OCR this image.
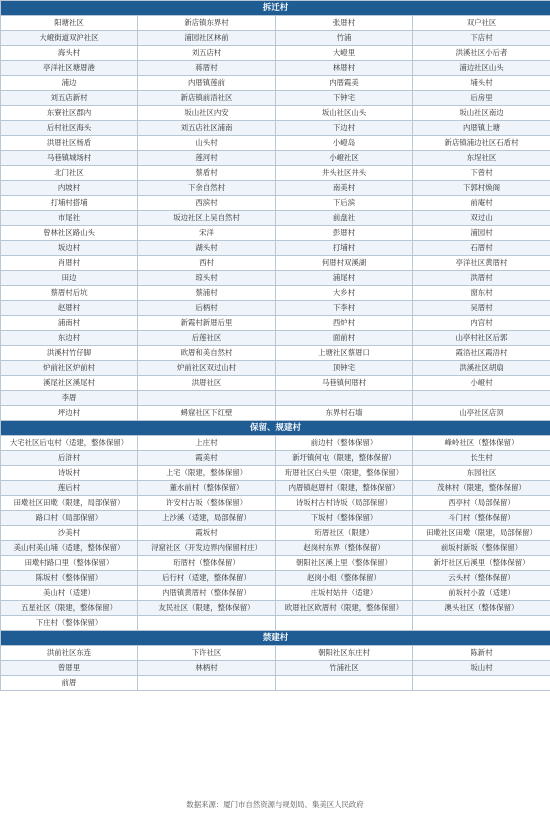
拆迁村			
阳塘社区	新店镇东界村	张厝村	双户社区
大嶝街道双沪社区	浦园社区林前	竹浦	下店村
海头村	刘五店村	大嶝里	洪溪社区小后者
亭洋社区塘厝港	蒋厝村	林厝村	浦边社区山头
浦边	内厝镇莲前	内厝霞美	埔头村
刘五店新村	新店镇前浯社区	下钟宅	后房里
东寮社区郡内	坂山社区内安	坂山社区山头	坂山社区南边
后村社区海头	刘五店社区浦南	下边村	内厝镇上塘
洪厝社区杨盾	山头村	小嶝岛	新店镇浦边社区石盾村
马巷镇城场村	莲河村	小嶝社区	东埕社区
北门社区	蔡盾村	井头社区井头	下曾村
内坡村	下余自然村	南美村	下郭村焕阁
打埔村搭埔	西滨村	下后滨	前庵村
市尾社	坂边社区上吴自然村	前盘社	双过山
曾林社区路山头	宋洋	彭厝村	浦园村
坂边村	湖头村	打埔村	石厝村
肖厝村	西村	何厝村双溪湖	亭洋社区黄厝村
田边	琼头村	浦尾村	洪厝村
蔡厝村后坑	蔡浦村	大乡村	窗东村
赵厝村	后柄村	下李村	吴厝村
浦南村	新霞村新厝后里	西炉村	内宫村
东边村	后莲社区	面前村	山亭村社区后郭
洪溪村竹仔脚	欧厝和美自然村	上塘社区蔡厝口	霞浯社区霞浯村
炉前社区炉前村	炉前社区双过山村	顶钟宅	洪溪社区胡扇
溪尾社区溪尾村	洪厝社区	马巷镇何厝村	小嶝村
李厝			
坪边村	蟳窟社区下红壁	东界村石墙	山亭社区店顶
保留、规建村			
大宅社区后屯村（适建，整体保留）	上庄村	前边村（整体保留）	峰岭社区（整体保留）
后浒村	霞美村	新圩镇何屯（限建，整体保留）	长生村
诗坂村	上宅（限建，整体保留）	珩厝社区白头里（限建，整体保留）	东园社区
莲后村	董水前村（整体保留）	内厝镇赵厝村（限建，整体保留）	茂林村（限建，整体保留）
田墘社区田墘（限建，局部保留）	许安村古坂（整体保留）	诗坂村古村诗坂（局部保留）	西亭村（局部保留）
路口村（局部保留）	上沙溪（适建，局部保留）	下坂村（整体保留）	斗门村（整体保留）
沙美村	霞坂村	珩厝社区（限建）	田墘社区田墘（限建，局部保留）
美山村美山埔（适建，整体保留）	浔窟社区（开发边界内保留村庄）	赵岗村东界（整体保留）	前坂村新坂（整体保留）
田墘村路口里（整体保留）	珩厝村（整体保留）	朝阳社区溪上里（整体保留）	新圩社区后溪里（整体保留）
陈坂村（整体保留）	后行村（适建，整体保留）	赵岗小组（整体保留）	云头村（整体保留）
美山村（适建）	内厝镇黄厝村（整体保留）	庄坂村姑井（适建）	前坂村小盈（适建）
五星社区（限建，整体保留）	友民社区（限建，整体保留）	欧厝社区欧厝村（限建，整体保留）	澳头社区（整体保留）
下庄村（整体保留）			
禁建村			
洪前社区东连	下许社区	朝阳社区东庄村	陈新村
曾厝里	林柄村	竹浦社区	坂山村
前厝			
数据来源：厦门市自然资源与规划局、集美区人民政府
